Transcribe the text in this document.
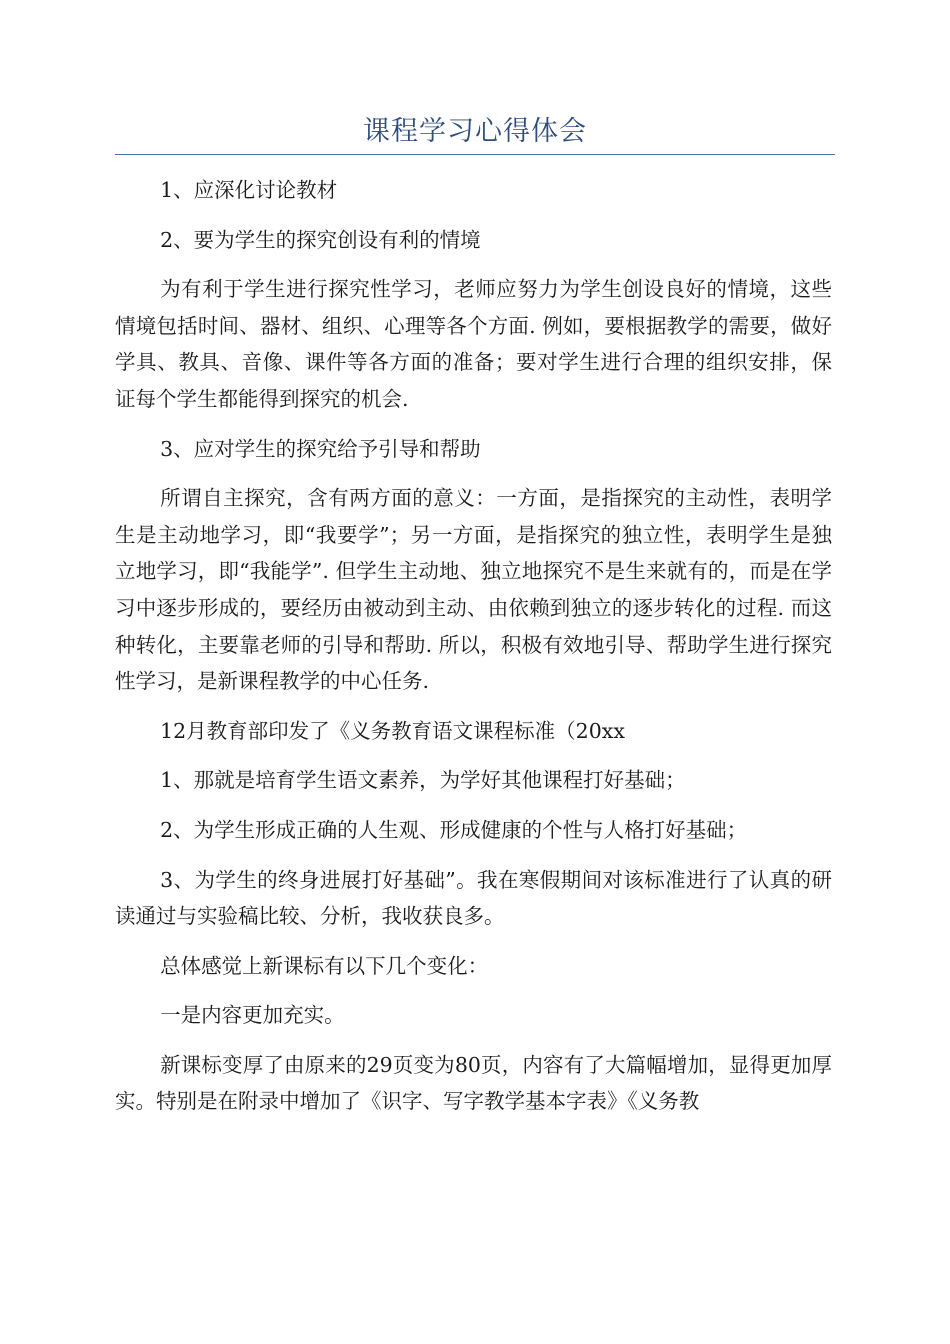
课程学习心得体会

1、应深化讨论教材

2、要为学生的探究创设有利的情境

为有利于学生进行探究性学习，老师应努力为学生创设良好的情境，这些情境包括时间、器材、组织、心理等各个方面. 例如，要根据教学的需要，做好学具、教具、音像、课件等各方面的准备；要对学生进行合理的组织安排，保证每个学生都能得到探究的机会.

3、应对学生的探究给予引导和帮助

所谓自主探究，含有两方面的意义：一方面，是指探究的主动性，表明学生是主动地学习，即“我要学”；另一方面，是指探究的独立性，表明学生是独立地学习，即“我能学”. 但学生主动地、独立地探究不是生来就有的，而是在学习中逐步形成的，要经历由被动到主动、由依赖到独立的逐步转化的过程. 而这种转化，主要靠老师的引导和帮助. 所以，积极有效地引导、帮助学生进行探究性学习，是新课程教学的中心任务.

12月教育部印发了《义务教育语文课程标准（20xx

1、那就是培育学生语文素养，为学好其他课程打好基础；

2、为学生形成正确的人生观、形成健康的个性与人格打好基础；

3、为学生的终身进展打好基础”。我在寒假期间对该标准进行了认真的研读通过与实验稿比较、分析，我收获良多。

总体感觉上新课标有以下几个变化：

一是内容更加充实。

新课标变厚了由原来的29页变为80页，内容有了大篇幅增加，显得更加厚实。特别是在附录中增加了《识字、写字教学基本字表》《义务教
